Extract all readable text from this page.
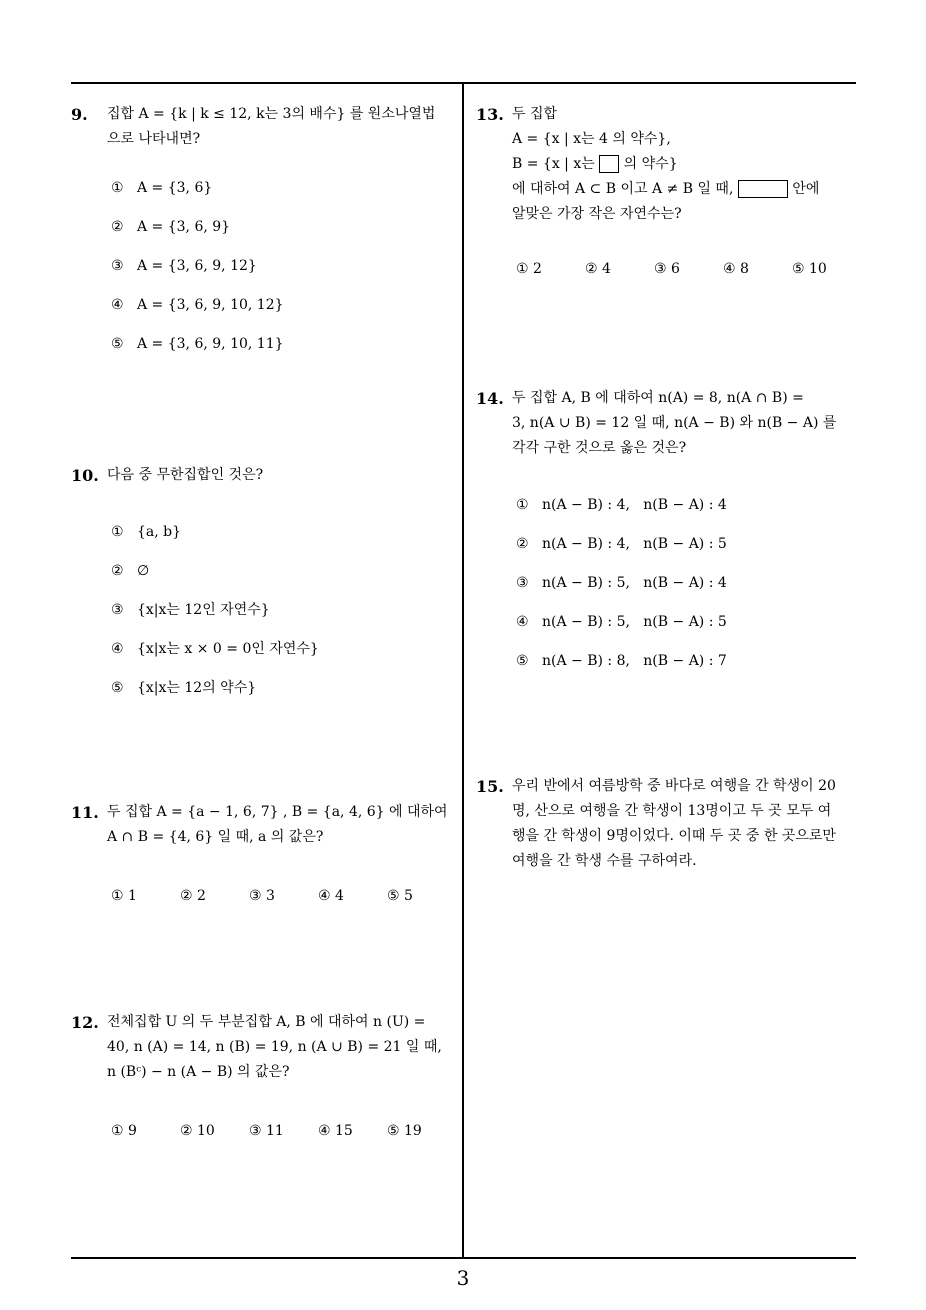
9. 집합 A = {k | k ≤ 12, k는 3의 배수} 를 원소나열법
으로 나타내면?
① A = {3, 6}
② A = {3, 6, 9}
③ A = {3, 6, 9, 12}
④ A = {3, 6, 9, 10, 12}
⑤ A = {3, 6, 9, 10, 11}
10. 다음 중 무한집합인 것은?
① {a, b}
② ∅
③ {x|x는 12인 자연수}
④ {x|x는 x × 0 = 0인 자연수}
⑤ {x|x는 12의 약수}
11. 두 집합 A = {a − 1, 6, 7} , B = {a, 4, 6} 에 대하여
A ∩ B = {4, 6} 일 때, a 의 값은?
① 1	② 2	③ 3	④ 4	⑤ 5
12. 전체집합 U 의 두 부분집합 A, B 에 대하여 n (U) =
40, n (A) = 14, n (B) = 19, n (A ∪ B) = 21 일 때,
n (Bᶜ) − n (A − B) 의 값은?
① 9	② 10	③ 11	④ 15	⑤ 19
13. 두 집합
A = {x | x는 4 의 약수},
B = {x | x는 의 약수}
에 대하여 A ⊂ B 이고 A ≠ B 일 때,	안에
알맞은 가장 작은 자연수는?
① 2	② 4	③ 6	④ 8	⑤ 10
14. 두 집합 A, B 에 대하여 n(A) = 8, n(A ∩ B) =
3, n(A ∪ B) = 12 일 때, n(A − B) 와 n(B − A) 를
각각 구한 것으로 옳은 것은?
① n(A − B) : 4,   n(B − A) : 4
② n(A − B) : 4,   n(B − A) : 5
③ n(A − B) : 5,   n(B − A) : 4
④ n(A − B) : 5,   n(B − A) : 5
⑤ n(A − B) : 8,   n(B − A) : 7
15. 우리 반에서 여름방학 중 바다로 여행을 간 학생이 20
명, 산으로 여행을 간 학생이 13명이고 두 곳 모두 여
행을 간 학생이 9명이었다. 이때 두 곳 중 한 곳으로만
여행을 간 학생 수를 구하여라.
3
